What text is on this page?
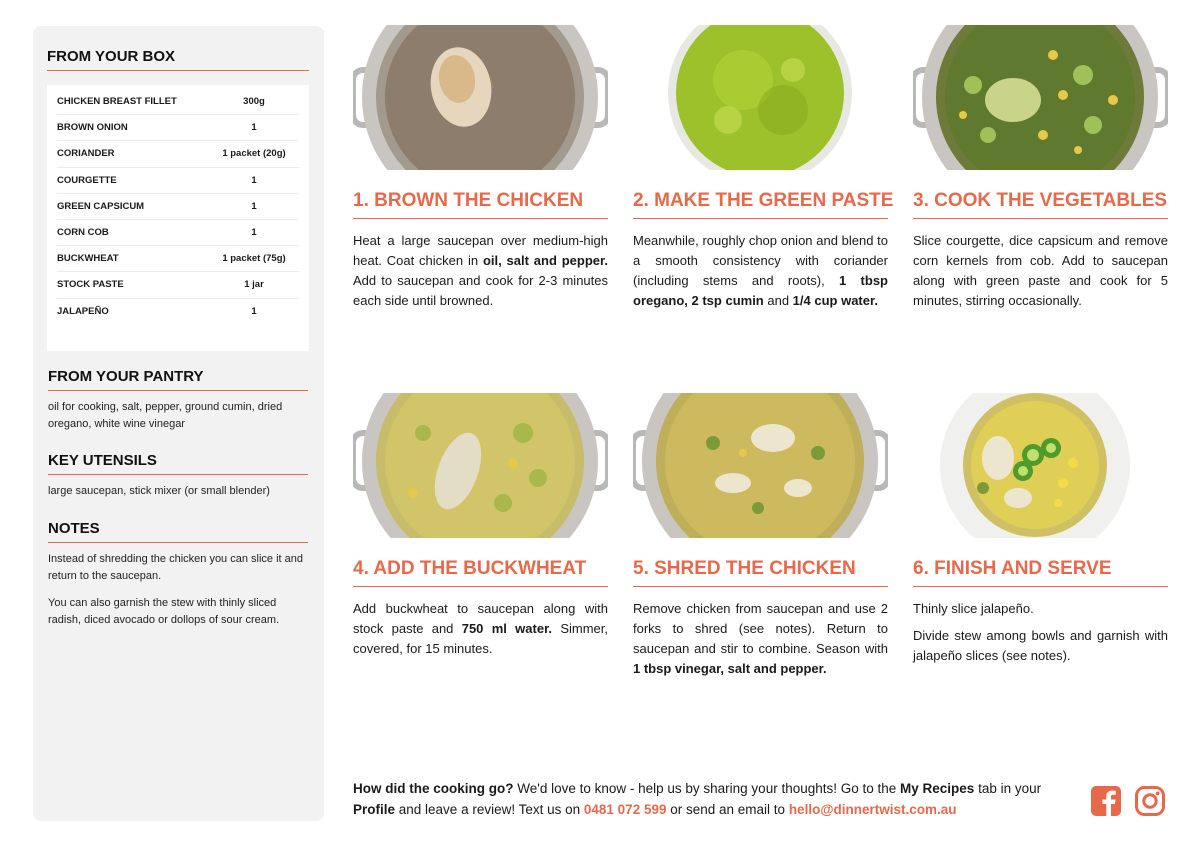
FROM YOUR BOX
CHICKEN BREAST FILLET	300g
BROWN ONION	1
CORIANDER	1 packet (20g)
COURGETTE	1
GREEN CAPSICUM	1
CORN COB	1
BUCKWHEAT	1 packet (75g)
STOCK PASTE	1 jar
JALAPEÑO	1
FROM YOUR PANTRY
oil for cooking, salt, pepper, ground cumin, dried oregano, white wine vinegar
KEY UTENSILS
large saucepan, stick mixer (or small blender)
NOTES

Instead of shredding the chicken you can slice it and return to the saucepan.

You can also garnish the stew with thinly sliced radish, diced avocado or dollops of sour cream.

1. BROWN THE CHICKEN
Heat a large saucepan over medium-high heat. Coat chicken in oil, salt and pepper. Add to saucepan and cook for 2-3 minutes each side until browned.
2. MAKE THE GREEN PASTE
Meanwhile, roughly chop onion and blend to a smooth consistency with coriander (including stems and roots), 1 tbsp oregano, 2 tsp cumin and 1/4 cup water.
3. COOK THE VEGETABLES
Slice courgette, dice capsicum and remove corn kernels from cob. Add to saucepan along with green paste and cook for 5 minutes, stirring occasionally.
4. ADD THE BUCKWHEAT
Add buckwheat to saucepan along with stock paste and 750 ml water. Simmer, covered, for 15 minutes.
5. SHRED THE CHICKEN
Remove chicken from saucepan and use 2 forks to shred (see notes). Return to saucepan and stir to combine. Season with 1 tbsp vinegar, salt and pepper.
6. FINISH AND SERVE

Thinly slice jalapeño.

Divide stew among bowls and garnish with jalapeño slices (see notes).

How did the cooking go? We'd love to know - help us by sharing your thoughts! Go to the My Recipes tab in your Profile and leave a review! Text us on 0481 072 599 or send an email to hello@dinnertwist.com.au
